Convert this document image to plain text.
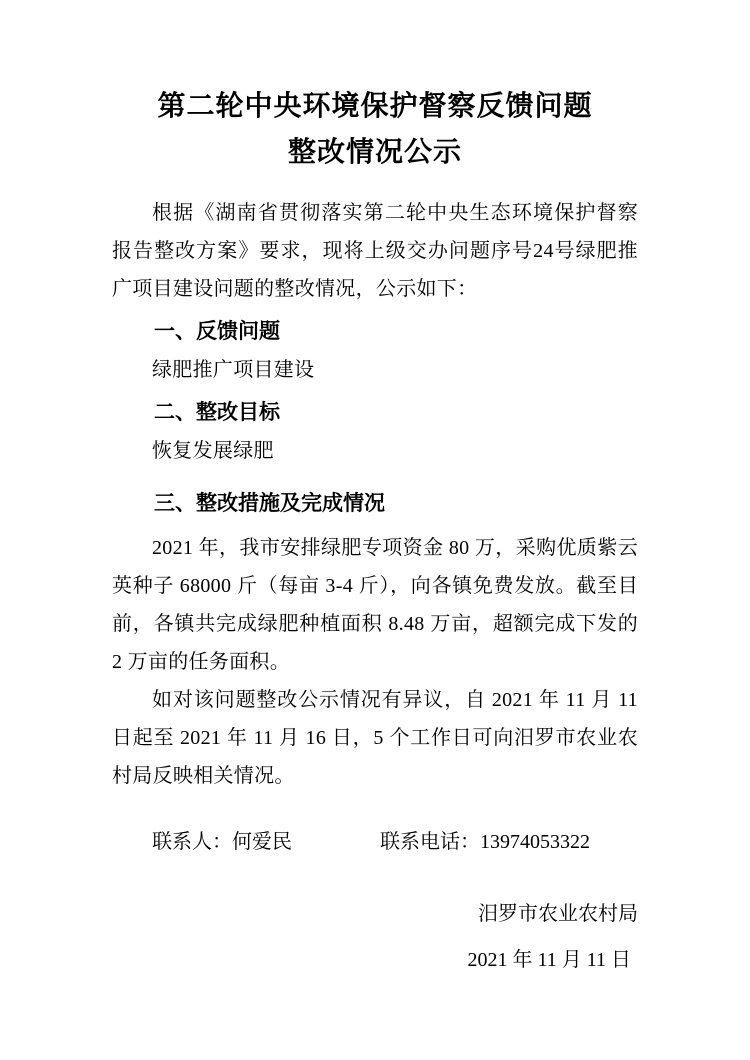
第二轮中央环境保护督察反馈问题
整改情况公示

根据《湖南省贯彻落实第二轮中央生态环境保护督察报告整改方案》要求，现将上级交办问题序号24号绿肥推广项目建设问题的整改情况，公示如下：

一、反馈问题

绿肥推广项目建设

二、整改目标

恢复发展绿肥

三、整改措施及完成情况

2021 年，我市安排绿肥专项资金 80 万，采购优质紫云英种子 68000 斤（每亩 3-4 斤），向各镇免费发放。截至目前，各镇共完成绿肥种植面积 8.48 万亩，超额完成下发的 2 万亩的任务面积。

如对该问题整改公示情况有异议，自 2021 年 11 月 11 日起至 2021 年 11 月 16 日，5 个工作日可向汨罗市农业农村局反映相关情况。

联系人：何爱民	联系电话：13974053322
汨罗市农业农村局
2021 年 11 月 11 日
